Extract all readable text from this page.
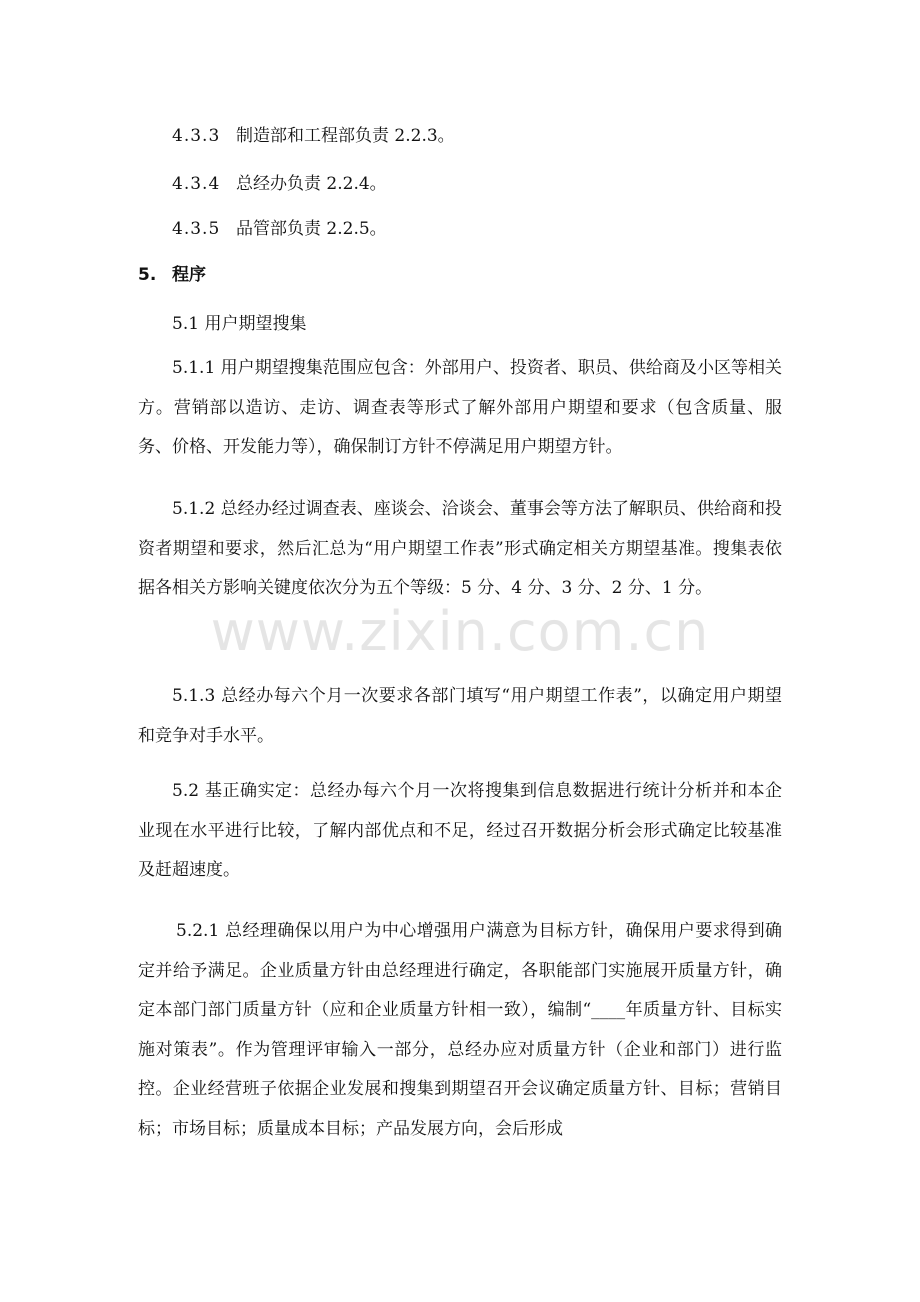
www.zixin.com.cn
4.3.3 制造部和工程部负责 2.2.3。
4.3.4 总经办负责 2.2.4。
4.3.5 品管部负责 2.2.5。
5. 程序
5.1 用户期望搜集
5.1.1 用户期望搜集范围应包含：外部用户、投资者、职员、供给商及小区等相关方。营销部以造访、走访、调查表等形式了解外部用户期望和要求（包含质量、服务、价格、开发能力等），确保制订方针不停满足用户期望方针。
5.1.2 总经办经过调查表、座谈会、洽谈会、董事会等方法了解职员、供给商和投资者期望和要求，然后汇总为“用户期望工作表”形式确定相关方期望基准。搜集表依据各相关方影响关键度依次分为五个等级：5 分、4 分、3 分、2 分、1 分。
5.1.3 总经办每六个月一次要求各部门填写“用户期望工作表”，以确定用户期望和竞争对手水平。
5.2 基正确实定：总经办每六个月一次将搜集到信息数据进行统计分析并和本企业现在水平进行比较，了解内部优点和不足，经过召开数据分析会形式确定比较基准及赶超速度。
5.2.1 总经理确保以用户为中心增强用户满意为目标方针，确保用户要求得到确定并给予满足。企业质量方针由总经理进行确定，各职能部门实施展开质量方针，确定本部门部门质量方针（应和企业质量方针相一致），编制“____年质量方针、目标实施对策表”。作为管理评审输入一部分，总经办应对质量方针（企业和部门）进行监控。企业经营班子依据企业发展和搜集到期望召开会议确定质量方针、目标；营销目标；市场目标；质量成本目标；产品发展方向，会后形成
